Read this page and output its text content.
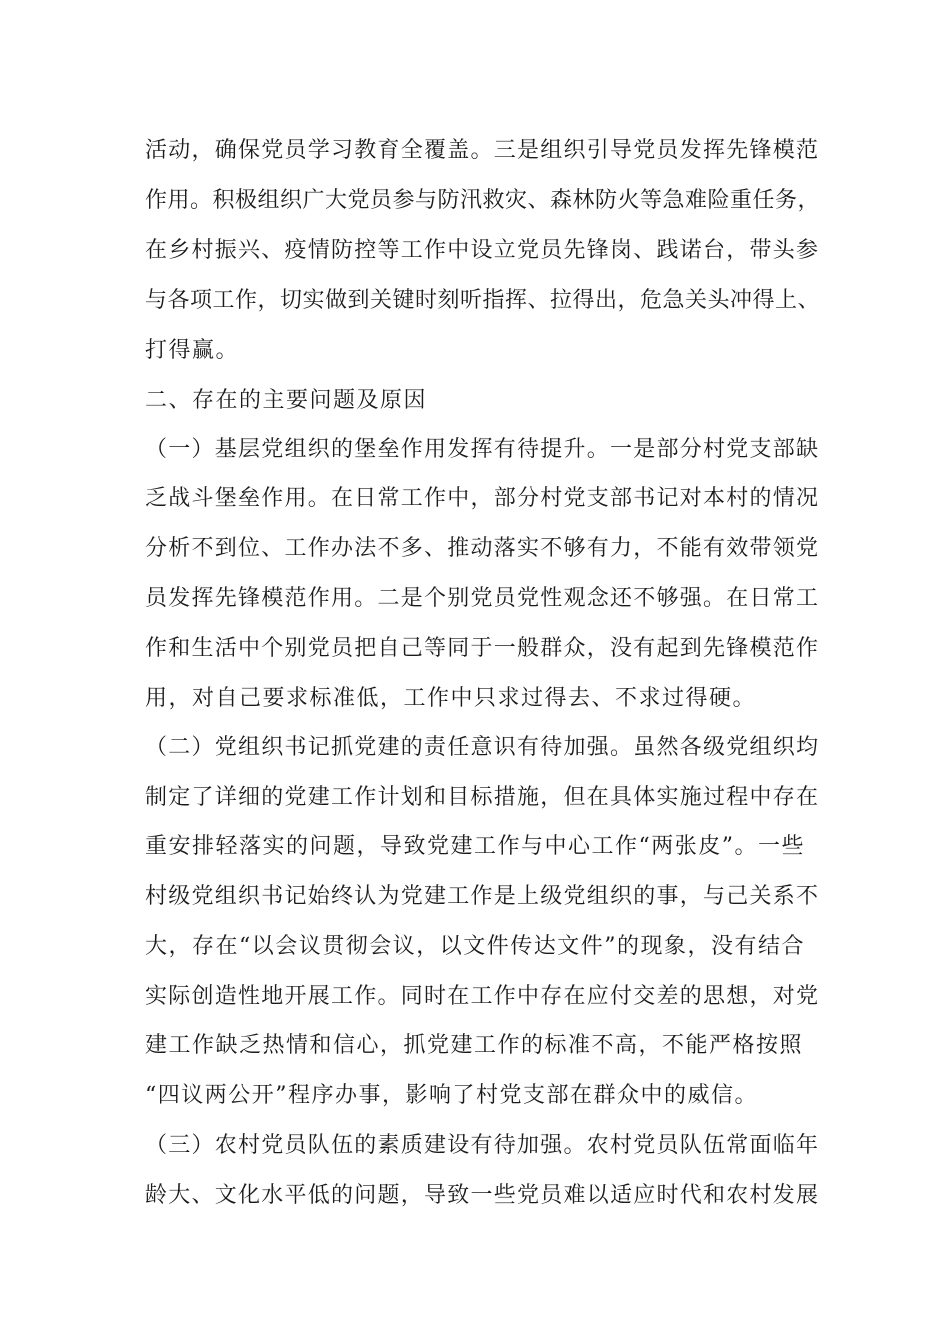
活动，确保党员学习教育全覆盖。三是组织引导党员发挥先锋模范

作用。积极组织广大党员参与防汛救灾、森林防火等急难险重任务，

在乡村振兴、疫情防控等工作中设立党员先锋岗、践诺台，带头参

与各项工作，切实做到关键时刻听指挥、拉得出，危急关头冲得上、

打得赢。

二、存在的主要问题及原因

（一）基层党组织的堡垒作用发挥有待提升。一是部分村党支部缺

乏战斗堡垒作用。在日常工作中，部分村党支部书记对本村的情况

分析不到位、工作办法不多、推动落实不够有力，不能有效带领党

员发挥先锋模范作用。二是个别党员党性观念还不够强。在日常工

作和生活中个别党员把自己等同于一般群众，没有起到先锋模范作

用，对自己要求标准低，工作中只求过得去、不求过得硬。

（二）党组织书记抓党建的责任意识有待加强。虽然各级党组织均

制定了详细的党建工作计划和目标措施，但在具体实施过程中存在

重安排轻落实的问题，导致党建工作与中心工作“两张皮”。一些

村级党组织书记始终认为党建工作是上级党组织的事，与己关系不

大，存在“以会议贯彻会议，以文件传达文件”的现象，没有结合

实际创造性地开展工作。同时在工作中存在应付交差的思想，对党

建工作缺乏热情和信心，抓党建工作的标准不高，不能严格按照

“四议两公开”程序办事，影响了村党支部在群众中的威信。

（三）农村党员队伍的素质建设有待加强。农村党员队伍常面临年

龄大、文化水平低的问题，导致一些党员难以适应时代和农村发展
